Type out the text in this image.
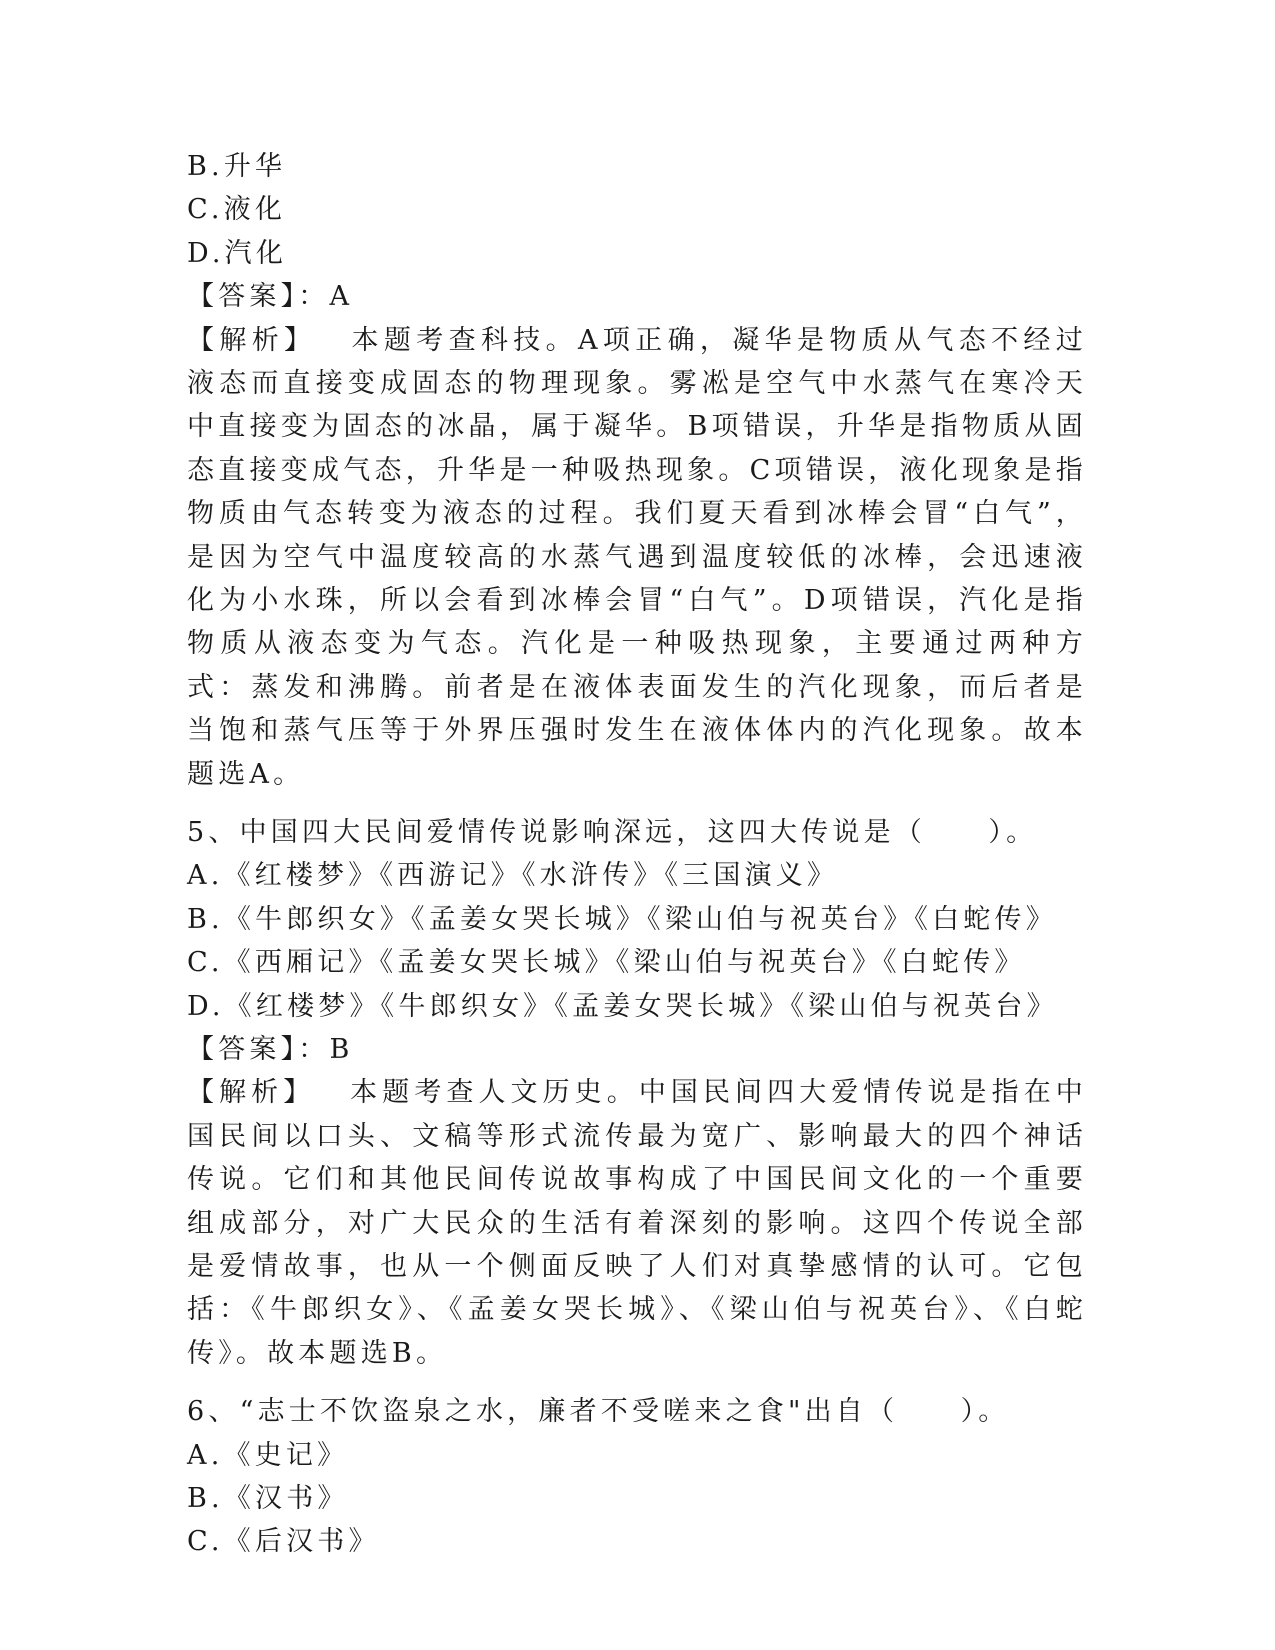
B.升华
C.液化
D.汽化
【答案】：A

【解析】 本题考查科技。A项正确，凝华是物质从气态不经过液态而直接变成固态的物理现象。雾凇是空气中水蒸气在寒冷天中直接变为固态的冰晶，属于凝华。B项错误，升华是指物质从固态直接变成气态，升华是一种吸热现象。C项错误，液化现象是指物质由气态转变为液态的过程。我们夏天看到冰棒会冒“白气”，是因为空气中温度较高的水蒸气遇到温度较低的冰棒，会迅速液化为小水珠，所以会看到冰棒会冒“白气”。D项错误，汽化是指物质从液态变为气态。汽化是一种吸热现象，主要通过两种方式：蒸发和沸腾。前者是在液体表面发生的汽化现象，而后者是当饱和蒸气压等于外界压强时发生在液体体内的汽化现象。故本题选A。

5、中国四大民间爱情传说影响深远，这四大传说是（　　）。
A.《红楼梦》《西游记》《水浒传》《三国演义》
B.《牛郎织女》《孟姜女哭长城》《梁山伯与祝英台》《白蛇传》
C.《西厢记》《孟姜女哭长城》《梁山伯与祝英台》《白蛇传》
D.《红楼梦》《牛郎织女》《孟姜女哭长城》《梁山伯与祝英台》
【答案】：B

【解析】 本题考查人文历史。中国民间四大爱情传说是指在中国民间以口头、文稿等形式流传最为宽广、影响最大的四个神话传说。它们和其他民间传说故事构成了中国民间文化的一个重要组成部分，对广大民众的生活有着深刻的影响。这四个传说全部是爱情故事，也从一个侧面反映了人们对真挚感情的认可。它包括：《牛郎织女》、《孟姜女哭长城》、《梁山伯与祝英台》、《白蛇传》。故本题选B。

6、“志士不饮盗泉之水，廉者不受嗟来之食"出自（　　）。
A.《史记》
B.《汉书》
C.《后汉书》
